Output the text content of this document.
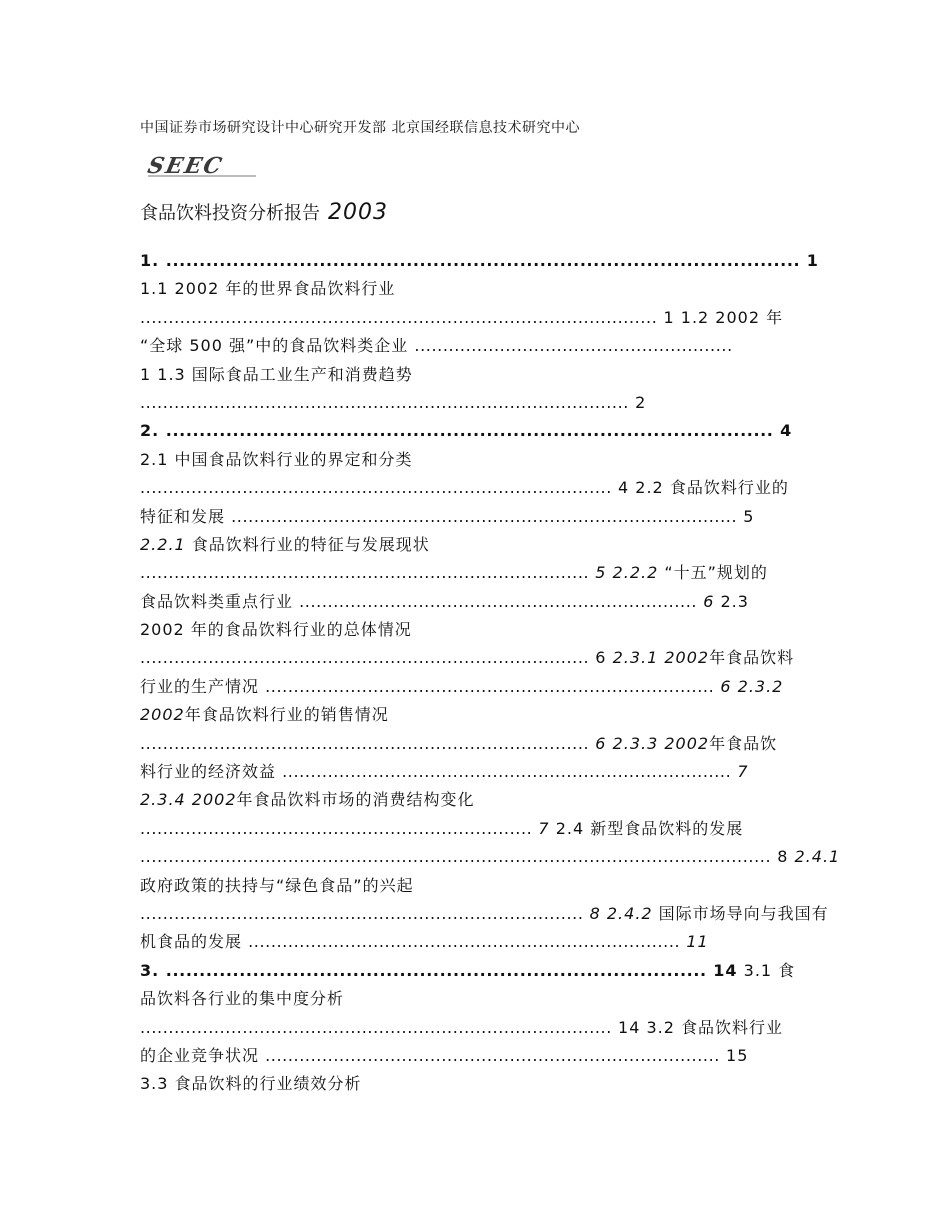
中国证券市场研究设计中心研究开发部 北京国经联信息技术研究中心
SEEC
食品饮料投资分析报告 2003
1. ............................................................................................... 1
1.1 2002 年的世界食品饮料行业
........................................................................................... 1 1.2 2002 年
“全球 500 强”中的食品饮料类企业 ........................................................
1 1.3 国际食品工业生产和消费趋势
...................................................................................... 2
2. ........................................................................................... 4
2.1 中国食品饮料行业的界定和分类
................................................................................... 4 2.2 食品饮料行业的
特征和发展 ......................................................................................... 5
2.2.1 食品饮料行业的特征与发展现状
............................................................................... 5 2.2.2 “十五”规划的
食品饮料类重点行业 ...................................................................... 6 2.3
2002 年的食品饮料行业的总体情况
............................................................................... 6 2.3.1 2002年食品饮料
行业的生产情况 ............................................................................... 6 2.3.2
2002年食品饮料行业的销售情况
............................................................................... 6 2.3.3 2002年食品饮
料行业的经济效益 ............................................................................... 7
2.3.4 2002年食品饮料市场的消费结构变化
..................................................................... 7 2.4 新型食品饮料的发展
............................................................................................................... 8 2.4.1
政府政策的扶持与“绿色食品”的兴起
.............................................................................. 8 2.4.2 国际市场导向与我国有
机食品的发展 ............................................................................ 11
3. ................................................................................. 14 3.1 食
品饮料各行业的集中度分析
................................................................................... 14 3.2 食品饮料行业
的企业竞争状况 ................................................................................ 15
3.3 食品饮料的行业绩效分析
